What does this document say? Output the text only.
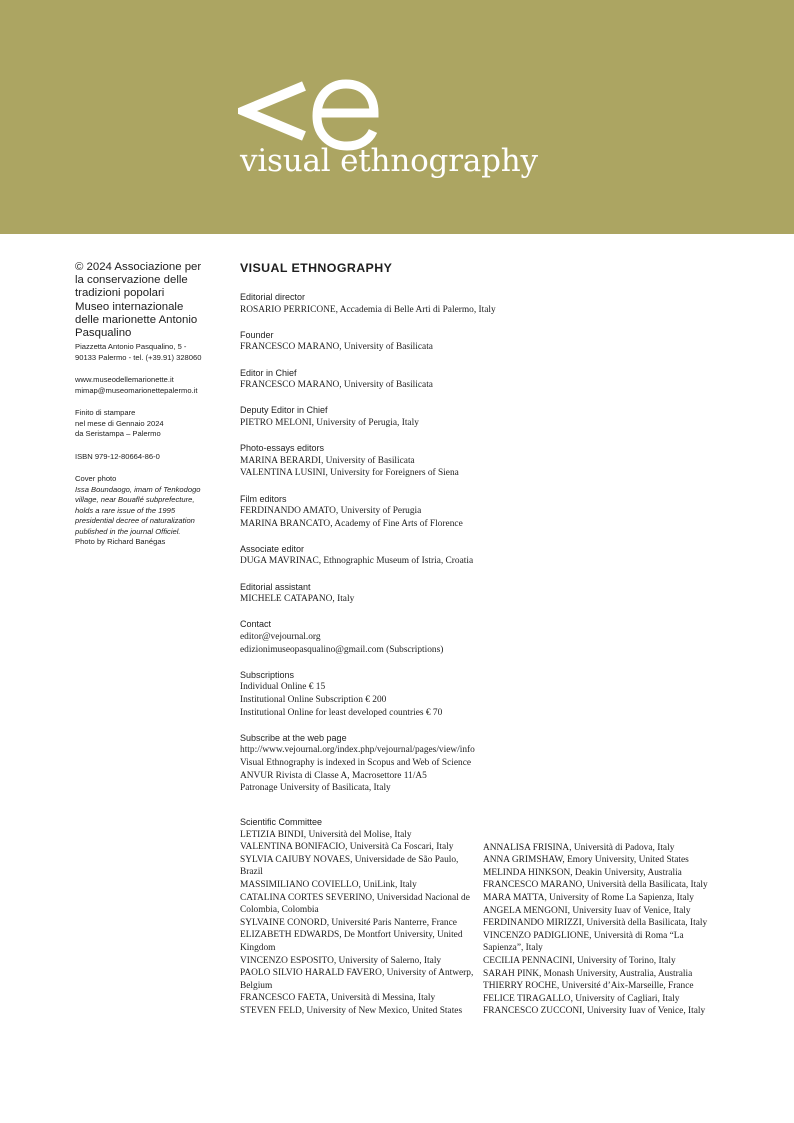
visual ethnography

© 2024 Associazione per

la conservazione delle

tradizioni popolari

Museo internazionale

delle marionette Antonio

Pasqualino

Piazzetta Antonio Pasqualino, 5 -

90133 Palermo - tel. (+39.91) 328060

www.museodellemarionette.it

mimap@museomarionettepalermo.it

Finito di stampare

nel mese di Gennaio 2024

da Seristampa – Palermo

ISBN 979-12-80664-86-0

Cover photo

Issa Boundaogo, imam of Tenkodogo

village, near Bouaflé subprefecture,

holds a rare issue of the 1995

presidential decree of naturalization

published in the journal Officiel.

Photo by Richard Banégas

VISUAL ETHNOGRAPHY

Editorial director

ROSARIO PERRICONE, Accademia di Belle Arti di Palermo, Italy

Founder

FRANCESCO MARANO, University of Basilicata

Editor in Chief

FRANCESCO MARANO, University of Basilicata

Deputy Editor in Chief

PIETRO MELONI, University of Perugia, Italy

Photo-essays editors

MARINA BERARDI, University of Basilicata

VALENTINA LUSINI, University for Foreigners of Siena

Film editors

FERDINANDO AMATO, University of Perugia

MARINA BRANCATO, Academy of Fine Arts of Florence

Associate editor

DUGA MAVRINAC, Ethnographic Museum of Istria, Croatia

Editorial assistant

MICHELE CATAPANO, Italy

Contact

editor@vejournal.org

edizionimuseopasqualino@gmail.com (Subscriptions)

Subscriptions

Individual Online € 15

Institutional Online Subscription € 200

Institutional Online for least developed countries € 70

Subscribe at the web page

http://www.vejournal.org/index.php/vejournal/pages/view/info

Visual Ethnography is indexed in Scopus and Web of Science

ANVUR Rivista di Classe A, Macrosettore 11/A5

Patronage University of Basilicata, Italy

Scientific Committee

LETIZIA BINDI, Università del Molise, Italy

VALENTINA BONIFACIO, Università Ca Foscari, Italy

SYLVIA CAIUBY NOVAES, Universidade de São Paulo, Brazil

MASSIMILIANO COVIELLO, UniLink, Italy

CATALINA CORTES SEVERINO, Universidad Nacional de Colombia, Colombia

SYLVAINE CONORD, Université Paris Nanterre, France

ELIZABETH EDWARDS, De Montfort University, United Kingdom

VINCENZO ESPOSITO, University of Salerno, Italy

PAOLO SILVIO HARALD FAVERO, University of Antwerp, Belgium

FRANCESCO FAETA, Università di Messina, Italy

STEVEN FELD, University of New Mexico, United States

ANNALISA FRISINA, Università di Padova, Italy

ANNA GRIMSHAW, Emory University, United States

MELINDA HINKSON, Deakin University, Australia

FRANCESCO MARANO, Università della Basilicata, Italy

MARA MATTA, University of Rome La Sapienza, Italy

ANGELA MENGONI, University Iuav of Venice, Italy

FERDINANDO MIRIZZI, Università della Basilicata, Italy

VINCENZO PADIGLIONE, Università di Roma “La Sapienza”, Italy

CECILIA PENNACINI, University of Torino, Italy

SARAH PINK, Monash University, Australia, Australia

THIERRY ROCHE, Université d’Aix-Marseille, France

FELICE TIRAGALLO, University of Cagliari, Italy

FRANCESCO ZUCCONI, University Iuav of Venice, Italy
